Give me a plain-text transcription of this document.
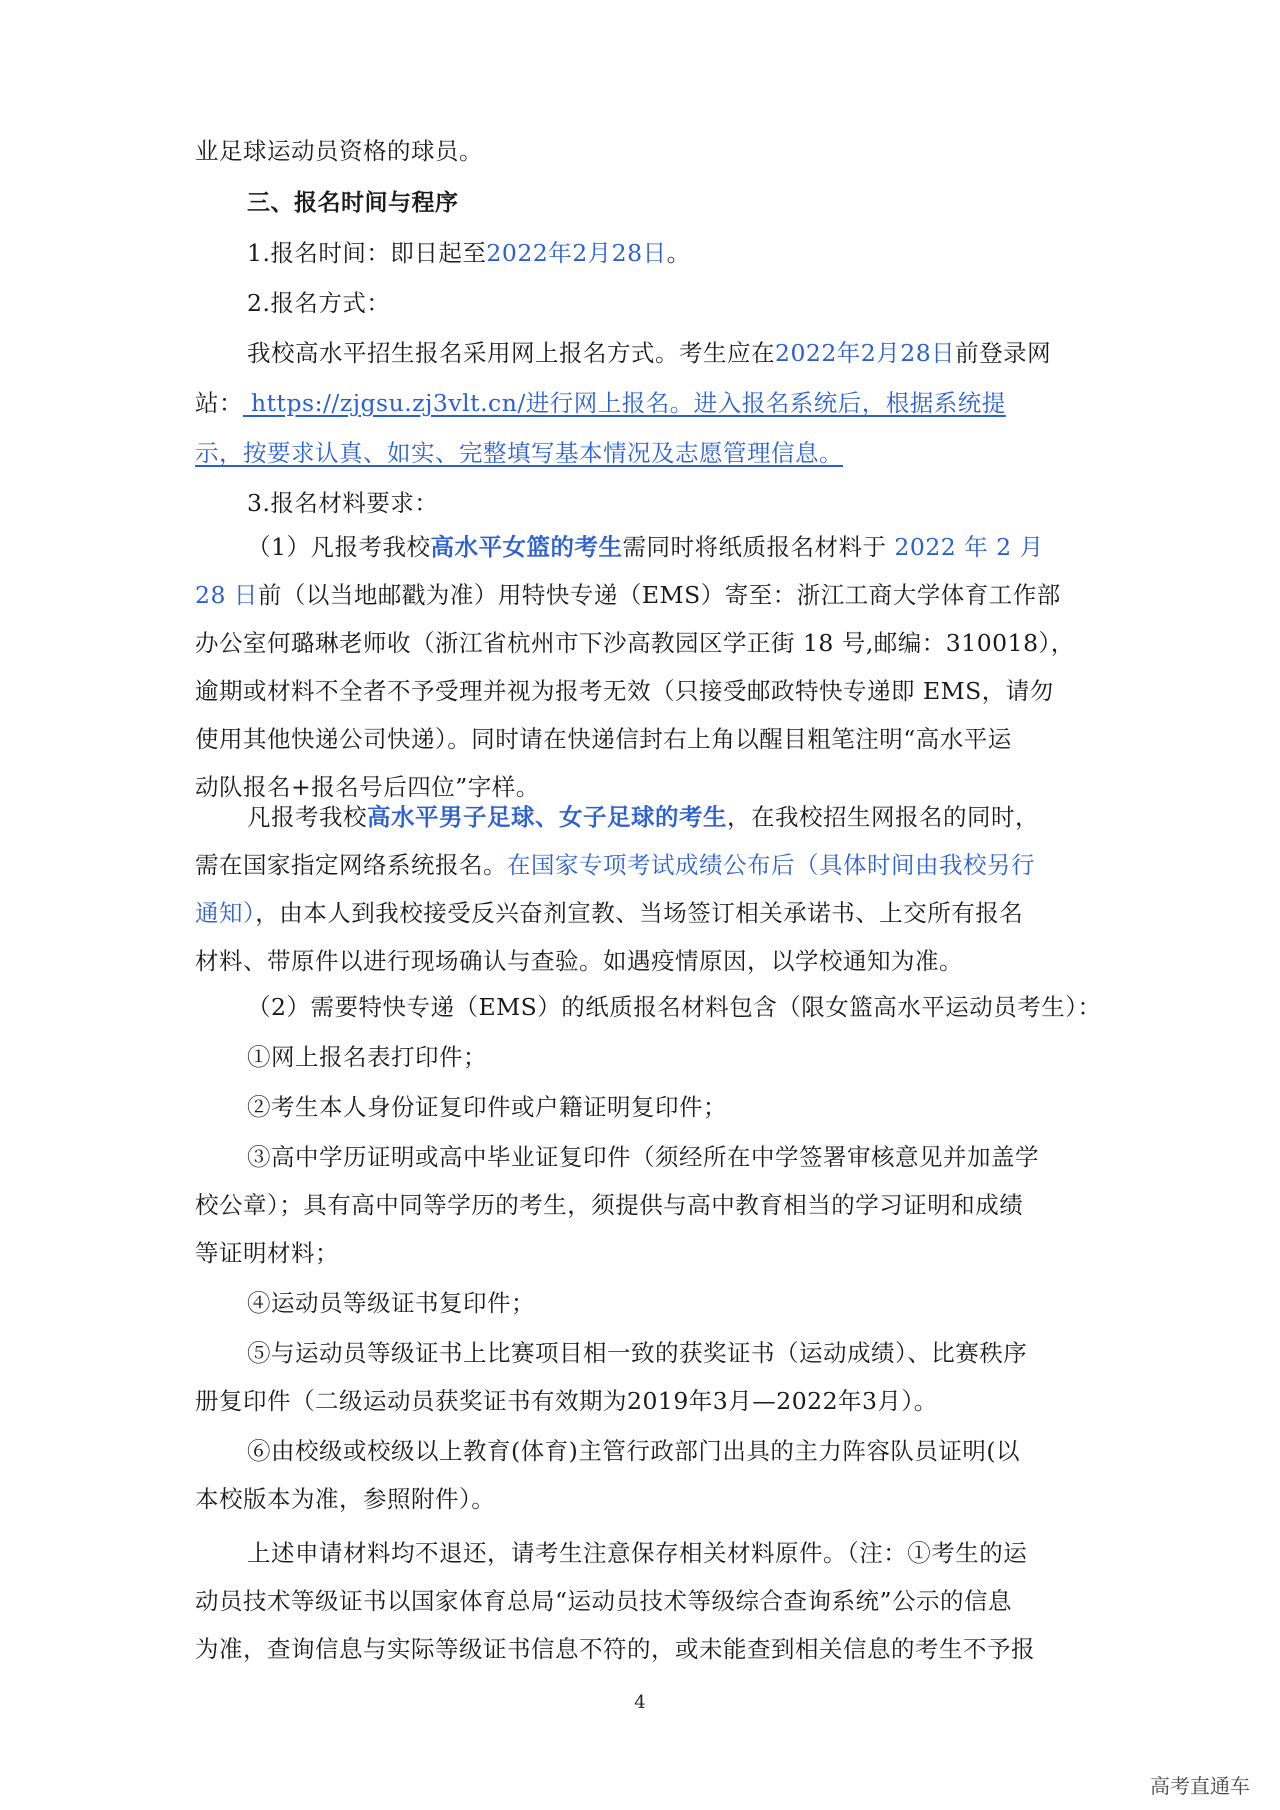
业足球运动员资格的球员。
三、报名时间与程序
1.报名时间：即日起至2022年2月28日。
2.报名方式：
我校高水平招生报名采用网上报名方式。考生应在2022年2月28日前登录网
站： https://zjgsu.zj3vlt.cn/进行网上报名。进入报名系统后，根据系统提
示，按要求认真、如实、完整填写基本情况及志愿管理信息。
3.报名材料要求：
（1）凡报考我校高水平女篮的考生需同时将纸质报名材料于 2022 年 2 月
28 日前（以当地邮戳为准）用特快专递（EMS）寄至：浙江工商大学体育工作部
办公室何璐琳老师收（浙江省杭州市下沙高教园区学正街 18 号,邮编：310018），
逾期或材料不全者不予受理并视为报考无效（只接受邮政特快专递即 EMS，请勿
使用其他快递公司快递）。同时请在快递信封右上角以醒目粗笔注明“高水平运
动队报名+报名号后四位”字样。
凡报考我校高水平男子足球、女子足球的考生，在我校招生网报名的同时，
需在国家指定网络系统报名。在国家专项考试成绩公布后（具体时间由我校另行
通知），由本人到我校接受反兴奋剂宣教、当场签订相关承诺书、上交所有报名
材料、带原件以进行现场确认与查验。如遇疫情原因，以学校通知为准。
（2）需要特快专递（EMS）的纸质报名材料包含（限女篮高水平运动员考生）：
①网上报名表打印件；
②考生本人身份证复印件或户籍证明复印件；
③高中学历证明或高中毕业证复印件（须经所在中学签署审核意见并加盖学
校公章）；具有高中同等学历的考生，须提供与高中教育相当的学习证明和成绩
等证明材料；
④运动员等级证书复印件；
⑤与运动员等级证书上比赛项目相一致的获奖证书（运动成绩）、比赛秩序
册复印件（二级运动员获奖证书有效期为2019年3月—2022年3月）。
⑥由校级或校级以上教育(体育)主管行政部门出具的主力阵容队员证明(以
本校版本为准，参照附件）。
上述申请材料均不退还，请考生注意保存相关材料原件。（注：①考生的运
动员技术等级证书以国家体育总局“运动员技术等级综合查询系统”公示的信息
为准，查询信息与实际等级证书信息不符的，或未能查到相关信息的考生不予报
4
高考直通车
